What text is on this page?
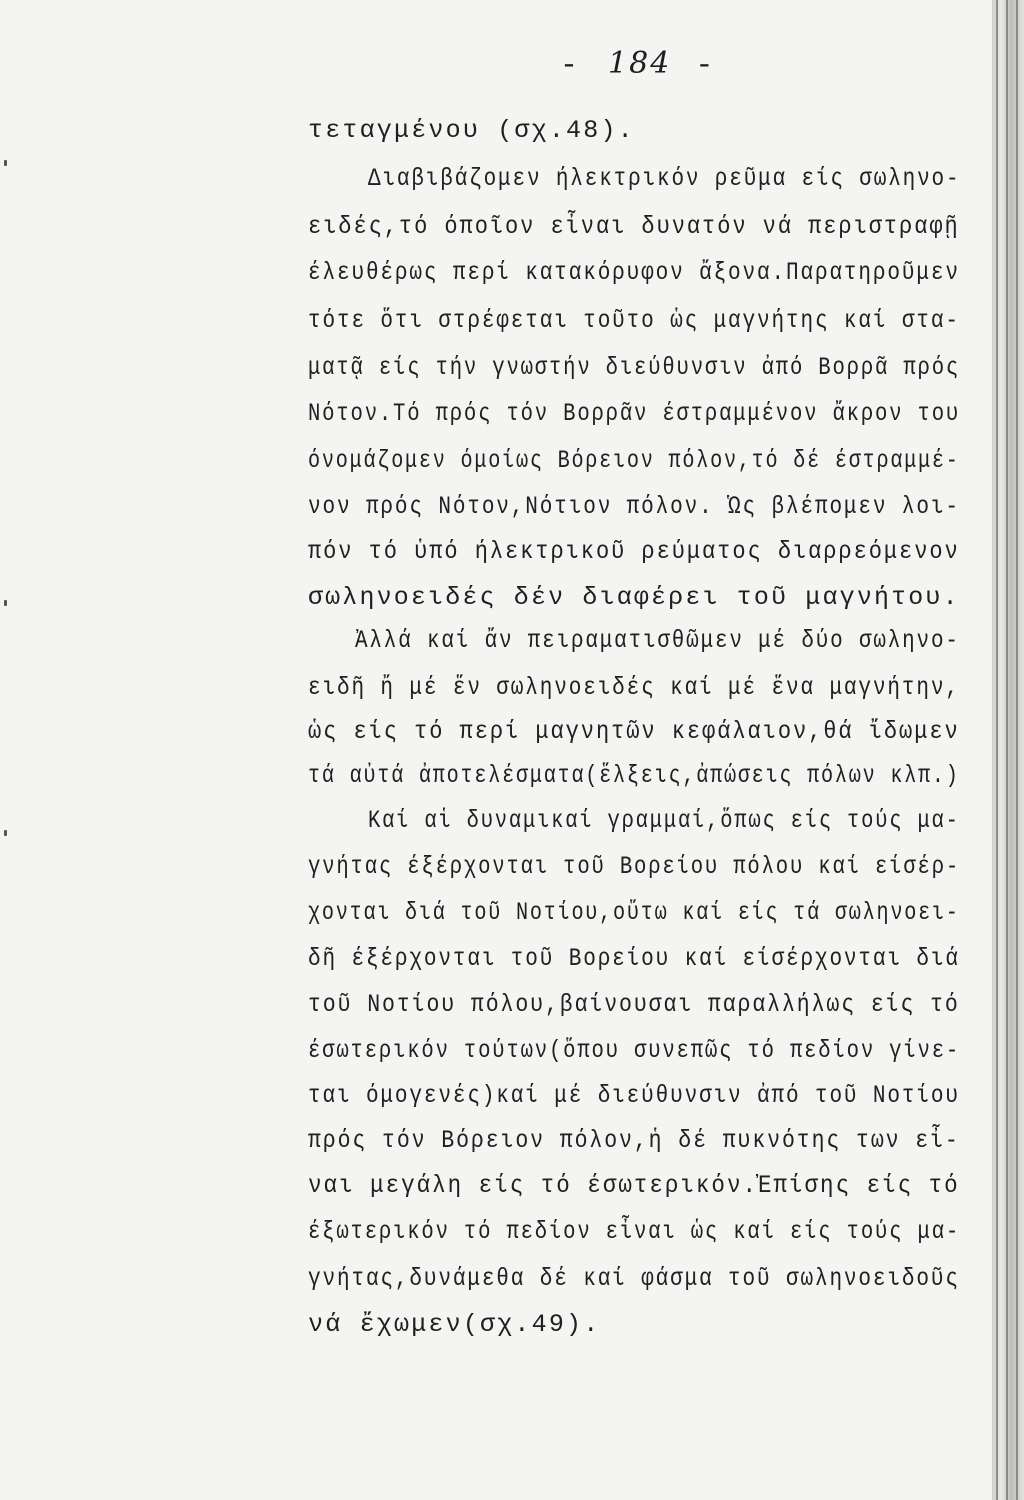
- 184 -
τεταγμένου (σχ.48).
Διαβιβάζομεν ήλεκτρικόν ρεῦμα είς σωληνο-
ειδές,τό όποῖον εἶναι δυνατόν νά περιστραφῇ
έλευθέρως περί κατακόρυφον ἄξονα.Παρατηροῦμεν
τότε ὅτι στρέφεται τοῦτο ὡς μαγνήτης καί στα-
ματᾷ είς τήν γνωστήν διεύθυνσιν ἀπό Βορρᾶ πρός
Νότον.Τό πρός τόν Βορρᾶν έστραμμένον ἄκρον του
όνομάζομεν όμοίως Βόρειον πόλον,τό δέ έστραμμέ-
νον πρός Νότον,Νότιον πόλον. Ὡς βλέπομεν λοι-
πόν τό ὑπό ήλεκτρικοῦ ρεύματος διαρρεόμενον
σωληνοειδές δέν διαφέρει τοῦ μαγνήτου.
Ἀλλά καί ἄν πειραματισθῶμεν μέ δύο σωληνο-
ειδῆ ἤ μέ ἕν σωληνοειδές καί μέ ἕνα μαγνήτην,
ὡς είς τό περί μαγνητῶν κεφάλαιον,θά ἴδωμεν
τά αὐτά ἀποτελέσματα(ἕλξεις,ἀπώσεις πόλων κλπ.)
Καί αἱ δυναμικαί γραμμαί,ὅπως είς τούς μα-
γνήτας έξέρχονται τοῦ Βορείου πόλου καί είσέρ-
χονται διά τοῦ Νοτίου,οὕτω καί είς τά σωληνοει-
δῆ έξέρχονται τοῦ Βορείου καί είσέρχονται διά
τοῦ Νοτίου πόλου,βαίνουσαι παραλλήλως είς τό
έσωτερικόν τούτων(ὅπου συνεπῶς τό πεδίον γίνε-
ται όμογενές)καί μέ διεύθυνσιν ἀπό τοῦ Νοτίου
πρός τόν Βόρειον πόλον,ἡ δέ πυκνότης των εἶ-
ναι μεγάλη είς τό έσωτερικόν.Ἐπίσης είς τό
έξωτερικόν τό πεδίον εἶναι ὡς καί είς τούς μα-
γνήτας,δυνάμεθα δέ καί φάσμα τοῦ σωληνοειδοῦς
νά ἔχωμεν(σχ.49).
